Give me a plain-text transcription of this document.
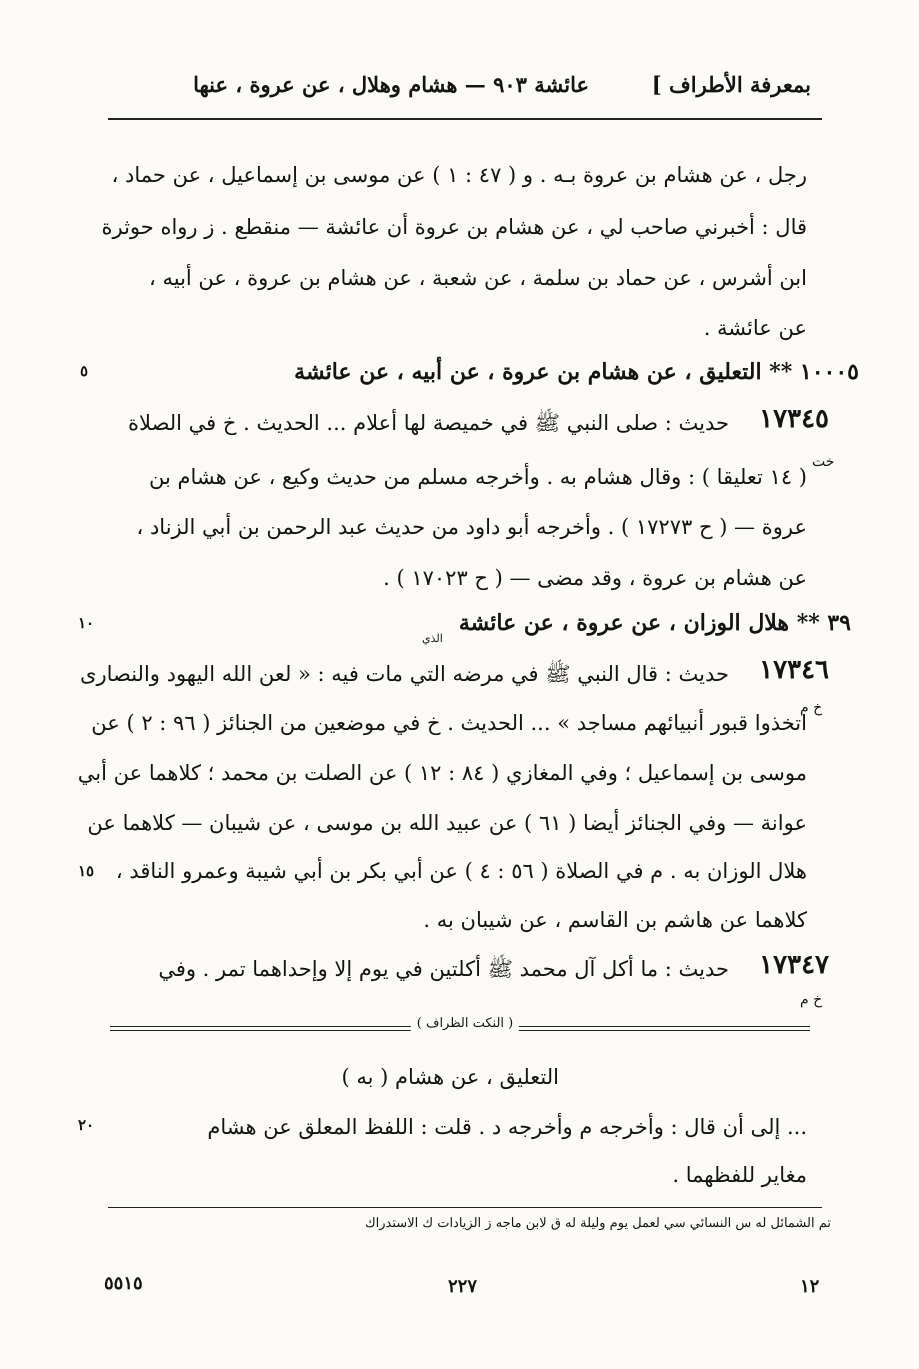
بمعرفة الأطراف ]
عائشة ٩٠٣ — هشام وهلال ، عن عروة ، عنها
رجل ، عن هشام بن عروة بـه . و ( ٤٧ : ١ ) عن موسى بن إسماعيل ، عن حماد ،
قال : أخبرني صاحب لي ، عن هشام بن عروة أن عائشة — منقطع . ز رواه حوثرة
ابن أشرس ، عن حماد بن سلمة ، عن شعبة ، عن هشام بن عروة ، عن أبيه ،
عن عائشة .
١٠٠٠٥ ** التعليق ، عن هشام بن عروة ، عن أبيه ، عن عائشة
٥
١٧٣٤٥
حديث : صلى النبي ﷺ في خميصة لها أعلام ... الحديث . خ في الصلاة
خت
( ١٤ تعليقا ) : وقال هشام به . وأخرجه مسلم من حديث وكيع ، عن هشام بن
عروة — ( ح ١٧٢٧٣ ) . وأخرجه أبو داود من حديث عبد الرحمن بن أبي الزناد ،
عن هشام بن عروة ، وقد مضى — ( ح ١٧٠٢٣ ) .
٣٩ ** هلال الوزان ، عن عروة ، عن عائشة
الذي
١٠
١٧٣٤٦
حديث : قال النبي ﷺ في مرضه التي مات فيه : « لعن الله اليهود والنصارى
خ م
اتخذوا قبور أنبيائهم مساجد » ... الحديث . خ في موضعين من الجنائز ( ٩٦ : ٢ ) عن
موسى بن إسماعيل ؛ وفي المغازي ( ٨٤ : ١٢ ) عن الصلت بن محمد ؛ كلاهما عن أبي
عوانة — وفي الجنائز أيضا ( ٦١ ) عن عبيد الله بن موسى ، عن شيبان — كلاهما عن
هلال الوزان به . م في الصلاة ( ٥٦ : ٤ ) عن أبي بكر بن أبي شيبة وعمرو الناقد ،
١٥
كلاهما عن هاشم بن القاسم ، عن شيبان به .
١٧٣٤٧
حديث : ما أكل آل محمد ﷺ أكلتين في يوم إلا وإحداهما تمر . وفي
خ م
( النكت الظراف )
التعليق ، عن هشام ( به )
... إلى أن قال : وأخرجه م وأخرجه د . قلت : اللفظ المعلق عن هشام
٢٠
مغاير للفظهما .
تم الشمائل له س النسائي سي لعمل يوم وليلة له ق لابن ماجه ز الزيادات ك الاستدراك
٥٥١٥	٢٢٧	١٢
